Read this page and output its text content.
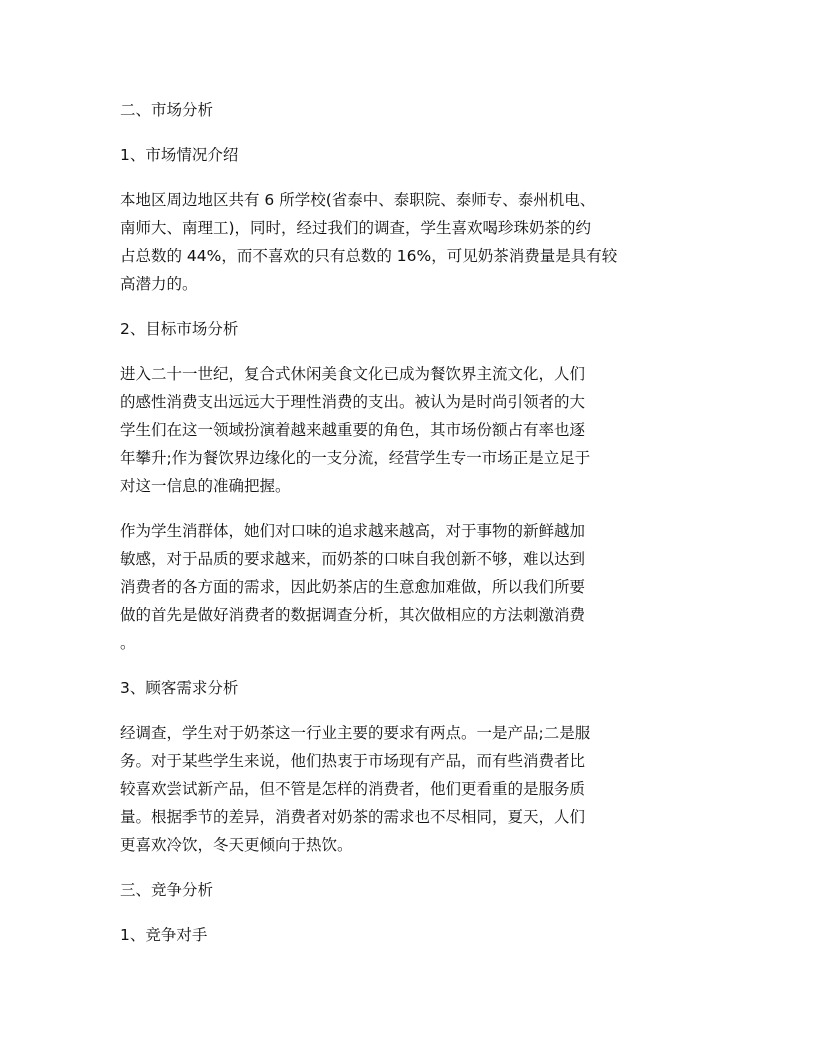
二、市场分析
1、市场情况介绍
本地区周边地区共有 6 所学校(省泰中、泰职院、泰师专、泰州机电、
南师大、南理工)，同时，经过我们的调查，学生喜欢喝珍珠奶茶的约
占总数的 44%，而不喜欢的只有总数的 16%，可见奶茶消费量是具有较
高潜力的。
2、目标市场分析
进入二十一世纪，复合式休闲美食文化已成为餐饮界主流文化，人们
的感性消费支出远远大于理性消费的支出。被认为是时尚引领者的大
学生们在这一领域扮演着越来越重要的角色，其市场份额占有率也逐
年攀升;作为餐饮界边缘化的一支分流，经营学生专一市场正是立足于
对这一信息的准确把握。
作为学生消群体，她们对口味的追求越来越高，对于事物的新鲜越加
敏感，对于品质的要求越来，而奶茶的口味自我创新不够，难以达到
消费者的各方面的需求，因此奶茶店的生意愈加难做，所以我们所要
做的首先是做好消费者的数据调查分析，其次做相应的方法刺激消费
。
3、顾客需求分析
经调查，学生对于奶茶这一行业主要的要求有两点。一是产品;二是服
务。对于某些学生来说，他们热衷于市场现有产品，而有些消费者比
较喜欢尝试新产品，但不管是怎样的消费者，他们更看重的是服务质
量。根据季节的差异，消费者对奶茶的需求也不尽相同，夏天，人们
更喜欢冷饮，冬天更倾向于热饮。
三、竞争分析
1、竞争对手
